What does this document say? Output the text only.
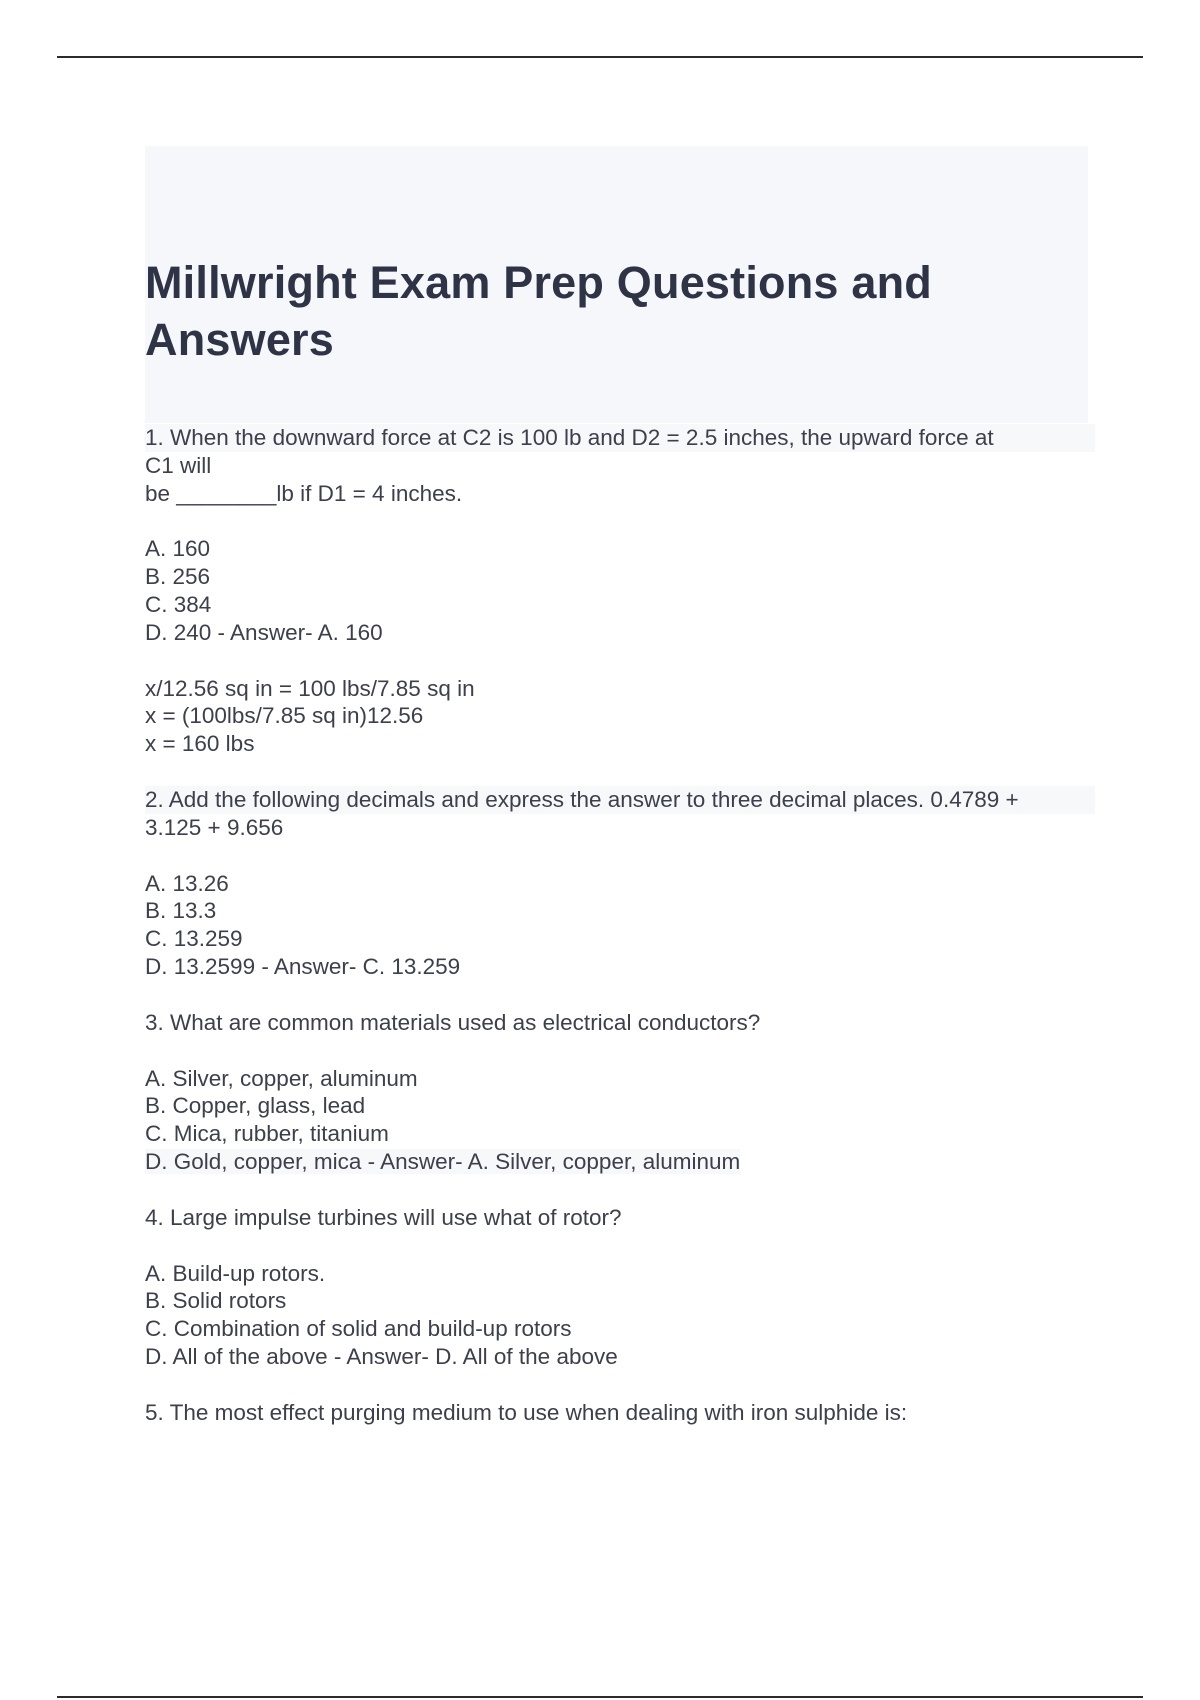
Millwright Exam Prep Questions and
Answers
1. When the downward force at C2 is 100 lb and D2 = 2.5 inches, the upward force at
C1 will
be ________lb if D1 = 4 inches.
A. 160
B. 256
C. 384
D. 240 - Answer- A. 160
x/12.56 sq in = 100 lbs/7.85 sq in
x = (100lbs/7.85 sq in)12.56
x = 160 lbs
2. Add the following decimals and express the answer to three decimal places. 0.4789 +
3.125 + 9.656
A. 13.26
B. 13.3
C. 13.259
D. 13.2599 - Answer- C. 13.259
3. What are common materials used as electrical conductors?
A. Silver, copper, aluminum
B. Copper, glass, lead
C. Mica, rubber, titanium
D. Gold, copper, mica - Answer- A. Silver, copper, aluminum
4. Large impulse turbines will use what of rotor?
A. Build-up rotors.
B. Solid rotors
C. Combination of solid and build-up rotors
D. All of the above - Answer- D. All of the above
5. The most effect purging medium to use when dealing with iron sulphide is:
